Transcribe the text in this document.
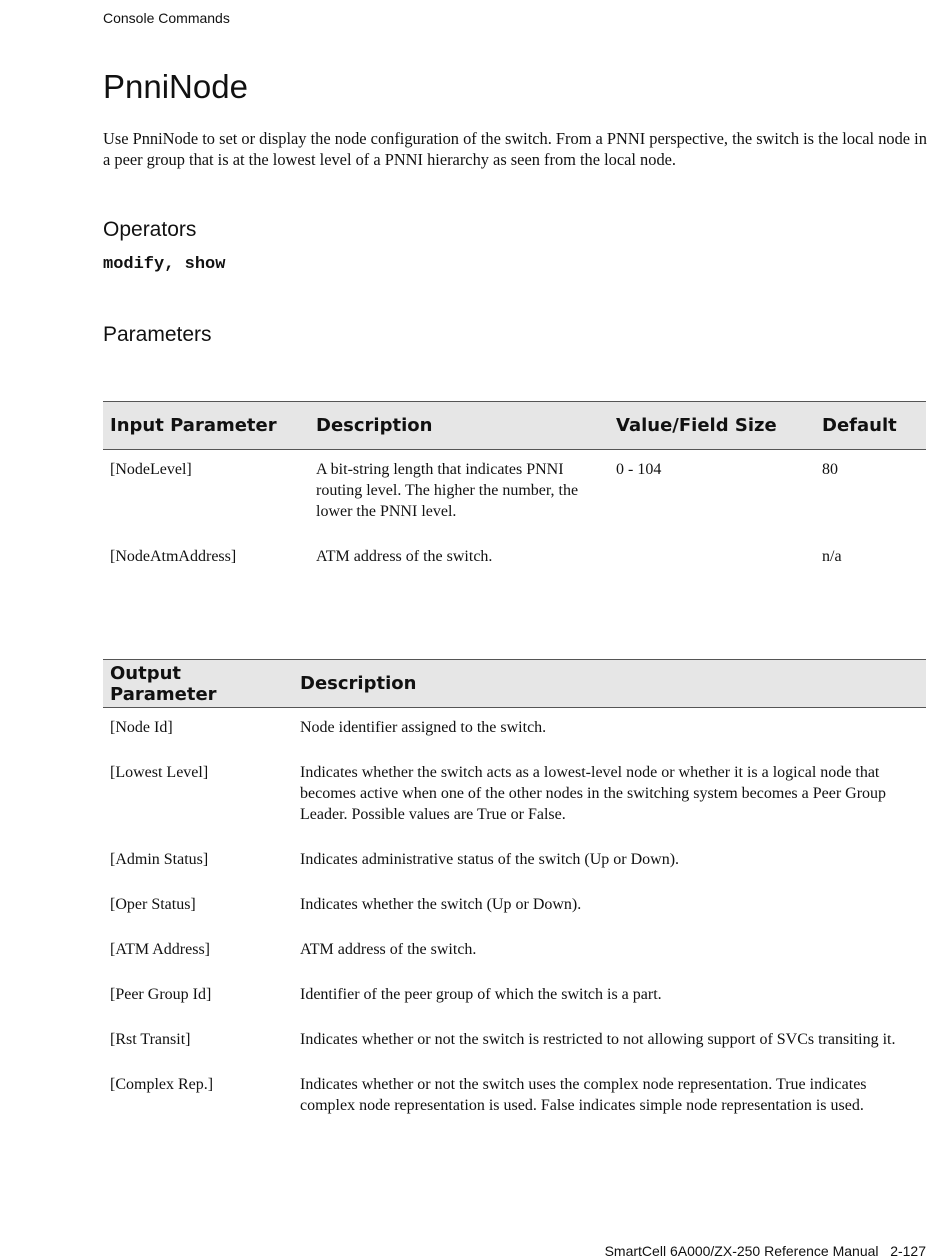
Console Commands
PnniNode

Use PnniNode to set or display the node configuration of the switch. From a PNNI perspective, the switch is the local node in a peer group that is at the lowest level of a PNNI hierarchy as seen from the local node.

Operators
modify, show
Parameters
Input Parameter	Description	Value/Field Size	Default
[NodeLevel]	A bit-string length that indicates PNNI routing level. The higher the number, the lower the PNNI level.	0 - 104	80
[NodeAtmAddress]	ATM address of the switch.		n/a
Output Parameter	Description
[Node Id]	Node identifier assigned to the switch.
[Lowest Level]	Indicates whether the switch acts as a lowest-level node or whether it is a logical node that becomes active when one of the other nodes in the switching system becomes a Peer Group Leader. Possible values are True or False.
[Admin Status]	Indicates administrative status of the switch (Up or Down).
[Oper Status]	Indicates whether the switch (Up or Down).
[ATM Address]	ATM address of the switch.
[Peer Group Id]	Identifier of the peer group of which the switch is a part.
[Rst Transit]	Indicates whether or not the switch is restricted to not allowing support of SVCs transiting it.
[Complex Rep.]	Indicates whether or not the switch uses the complex node representation. True indicates complex node representation is used. False indicates simple node representation is used.
SmartCell 6A000/ZX-250 Reference Manual 2-127
